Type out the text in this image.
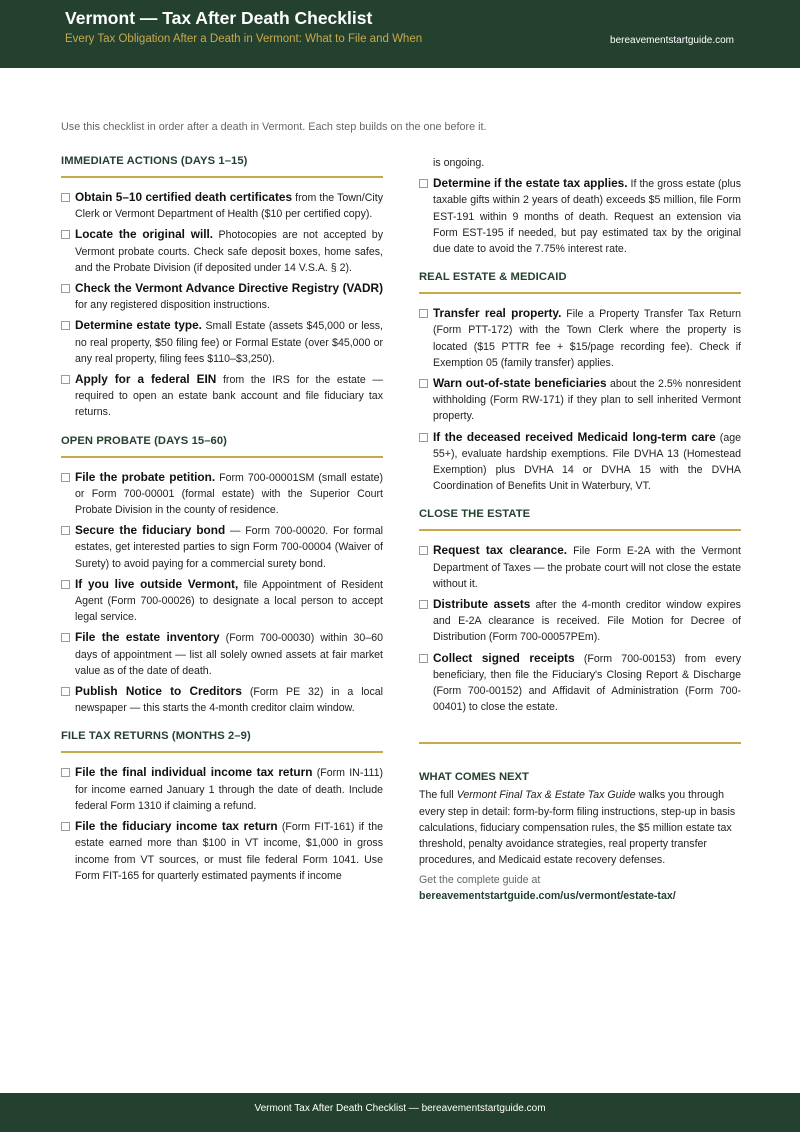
Vermont — Tax After Death Checklist
Every Tax Obligation After a Death in Vermont: What to File and When	bereavementstartguide.com
Use this checklist in order after a death in Vermont. Each step builds on the one before it.
IMMEDIATE ACTIONS (DAYS 1–15)
Obtain 5–10 certified death certificates from the Town/City Clerk or Vermont Department of Health ($10 per certified copy).
Locate the original will. Photocopies are not accepted by Vermont probate courts. Check safe deposit boxes, home safes, and the Probate Division (if deposited under 14 V.S.A. § 2).
Check the Vermont Advance Directive Registry (VADR) for any registered disposition instructions.
Determine estate type. Small Estate (assets $45,000 or less, no real property, $50 filing fee) or Formal Estate (over $45,000 or any real property, filing fees $110–$3,250).
Apply for a federal EIN from the IRS for the estate — required to open an estate bank account and file fiduciary tax returns.
OPEN PROBATE (DAYS 15–60)
File the probate petition. Form 700-00001SM (small estate) or Form 700-00001 (formal estate) with the Superior Court Probate Division in the county of residence.
Secure the fiduciary bond — Form 700-00020. For formal estates, get interested parties to sign Form 700-00004 (Waiver of Surety) to avoid paying for a commercial surety bond.
If you live outside Vermont, file Appointment of Resident Agent (Form 700-00026) to designate a local person to accept legal service.
File the estate inventory (Form 700-00030) within 30–60 days of appointment — list all solely owned assets at fair market value as of the date of death.
Publish Notice to Creditors (Form PE 32) in a local newspaper — this starts the 4-month creditor claim window.
FILE TAX RETURNS (MONTHS 2–9)
File the final individual income tax return (Form IN-111) for income earned January 1 through the date of death. Include federal Form 1310 if claiming a refund.
File the fiduciary income tax return (Form FIT-161) if the estate earned more than $100 in VT income, $1,000 in gross income from VT sources, or must file federal Form 1041. Use Form FIT-165 for quarterly estimated payments if income
is ongoing.
Determine if the estate tax applies. If the gross estate (plus taxable gifts within 2 years of death) exceeds $5 million, file Form EST-191 within 9 months of death. Request an extension via Form EST-195 if needed, but pay estimated tax by the original due date to avoid the 7.75% interest rate.
REAL ESTATE & MEDICAID
Transfer real property. File a Property Transfer Tax Return (Form PTT-172) with the Town Clerk where the property is located ($15 PTTR fee + $15/page recording fee). Check if Exemption 05 (family transfer) applies.
Warn out-of-state beneficiaries about the 2.5% nonresident withholding (Form RW-171) if they plan to sell inherited Vermont property.
If the deceased received Medicaid long-term care (age 55+), evaluate hardship exemptions. File DVHA 13 (Homestead Exemption) plus DVHA 14 or DVHA 15 with the DVHA Coordination of Benefits Unit in Waterbury, VT.
CLOSE THE ESTATE
Request tax clearance. File Form E-2A with the Vermont Department of Taxes — the probate court will not close the estate without it.
Distribute assets after the 4-month creditor window expires and E-2A clearance is received. File Motion for Decree of Distribution (Form 700-00057PEm).
Collect signed receipts (Form 700-00153) from every beneficiary, then file the Fiduciary's Closing Report & Discharge (Form 700-00152) and Affidavit of Administration (Form 700-00401) to close the estate.
WHAT COMES NEXT
The full Vermont Final Tax & Estate Tax Guide walks you through every step in detail: form-by-form filing instructions, step-up in basis calculations, fiduciary compensation rules, the $5 million estate tax threshold, penalty avoidance strategies, real property transfer procedures, and Medicaid estate recovery defenses.
Get the complete guide at
bereavementstartguide.com/us/vermont/estate-tax/
Vermont Tax After Death Checklist — bereavementstartguide.com
